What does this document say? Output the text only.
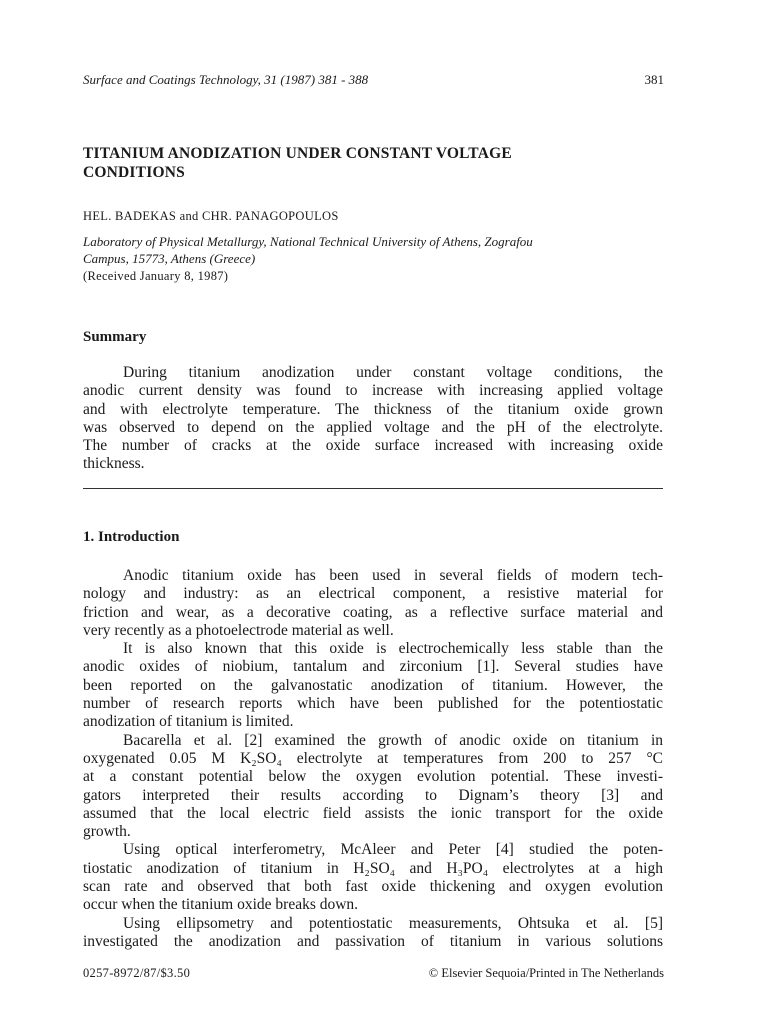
Surface and Coatings Technology, 31 (1987) 381 - 388	381
TITANIUM ANODIZATION UNDER CONSTANT VOLTAGE
CONDITIONS
HEL. BADEKAS and CHR. PANAGOPOULOS
Laboratory of Physical Metallurgy, National Technical University of Athens, Zografou
Campus, 15773, Athens (Greece)
(Received January 8, 1987)
Summary
During titanium anodization under constant voltage conditions, the
anodic current density was found to increase with increasing applied voltage
and with electrolyte temperature. The thickness of the titanium oxide grown
was observed to depend on the applied voltage and the pH of the electrolyte.
The number of cracks at the oxide surface increased with increasing oxide
thickness.
1. Introduction
Anodic titanium oxide has been used in several fields of modern tech-
nology and industry: as an electrical component, a resistive material for
friction and wear, as a decorative coating, as a reflective surface material and
very recently as a photoelectrode material as well.
It is also known that this oxide is electrochemically less stable than the
anodic oxides of niobium, tantalum and zirconium [1]. Several studies have
been reported on the galvanostatic anodization of titanium. However, the
number of research reports which have been published for the potentiostatic
anodization of titanium is limited.
Bacarella et al. [2] examined the growth of anodic oxide on titanium in
oxygenated 0.05 M K₂SO₄ electrolyte at temperatures from 200 to 257 °C
at a constant potential below the oxygen evolution potential. These investi-
gators interpreted their results according to Dignam’s theory [3] and
assumed that the local electric field assists the ionic transport for the oxide
growth.
Using optical interferometry, McAleer and Peter [4] studied the poten-
tiostatic anodization of titanium in H₂SO₄ and H₃PO₄ electrolytes at a high
scan rate and observed that both fast oxide thickening and oxygen evolution
occur when the titanium oxide breaks down.
Using ellipsometry and potentiostatic measurements, Ohtsuka et al. [5]
investigated the anodization and passivation of titanium in various solutions
0257-8972/87/$3.50	© Elsevier Sequoia/Printed in The Netherlands
